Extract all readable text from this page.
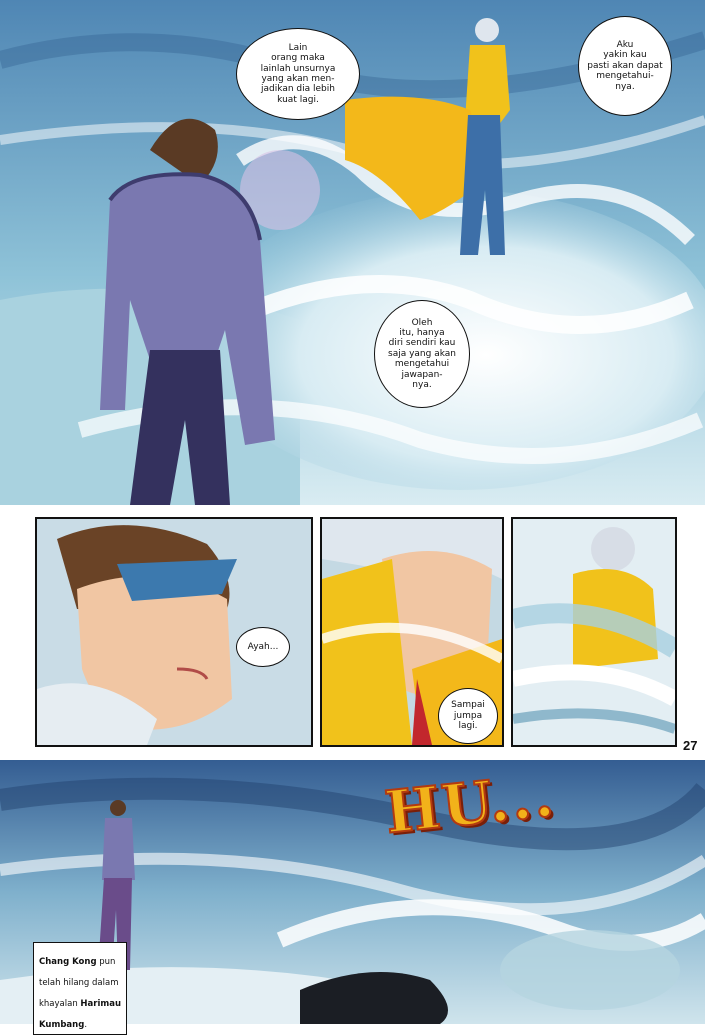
Lain
orang maka
lainlah unsurnya
yang akan men-
jadikan dia lebih
kuat lagi.
Aku
yakin kau
pasti akan dapat
mengetahui-
nya.
Oleh
itu, hanya
diri sendiri kau
saja yang akan
mengetahui
jawapan-
nya.
Ayah...
Sampai
jumpa
lagi.
27
HU...

Chang Kong pun

telah hilang dalam

khayalan Harimau

Kumbang.
